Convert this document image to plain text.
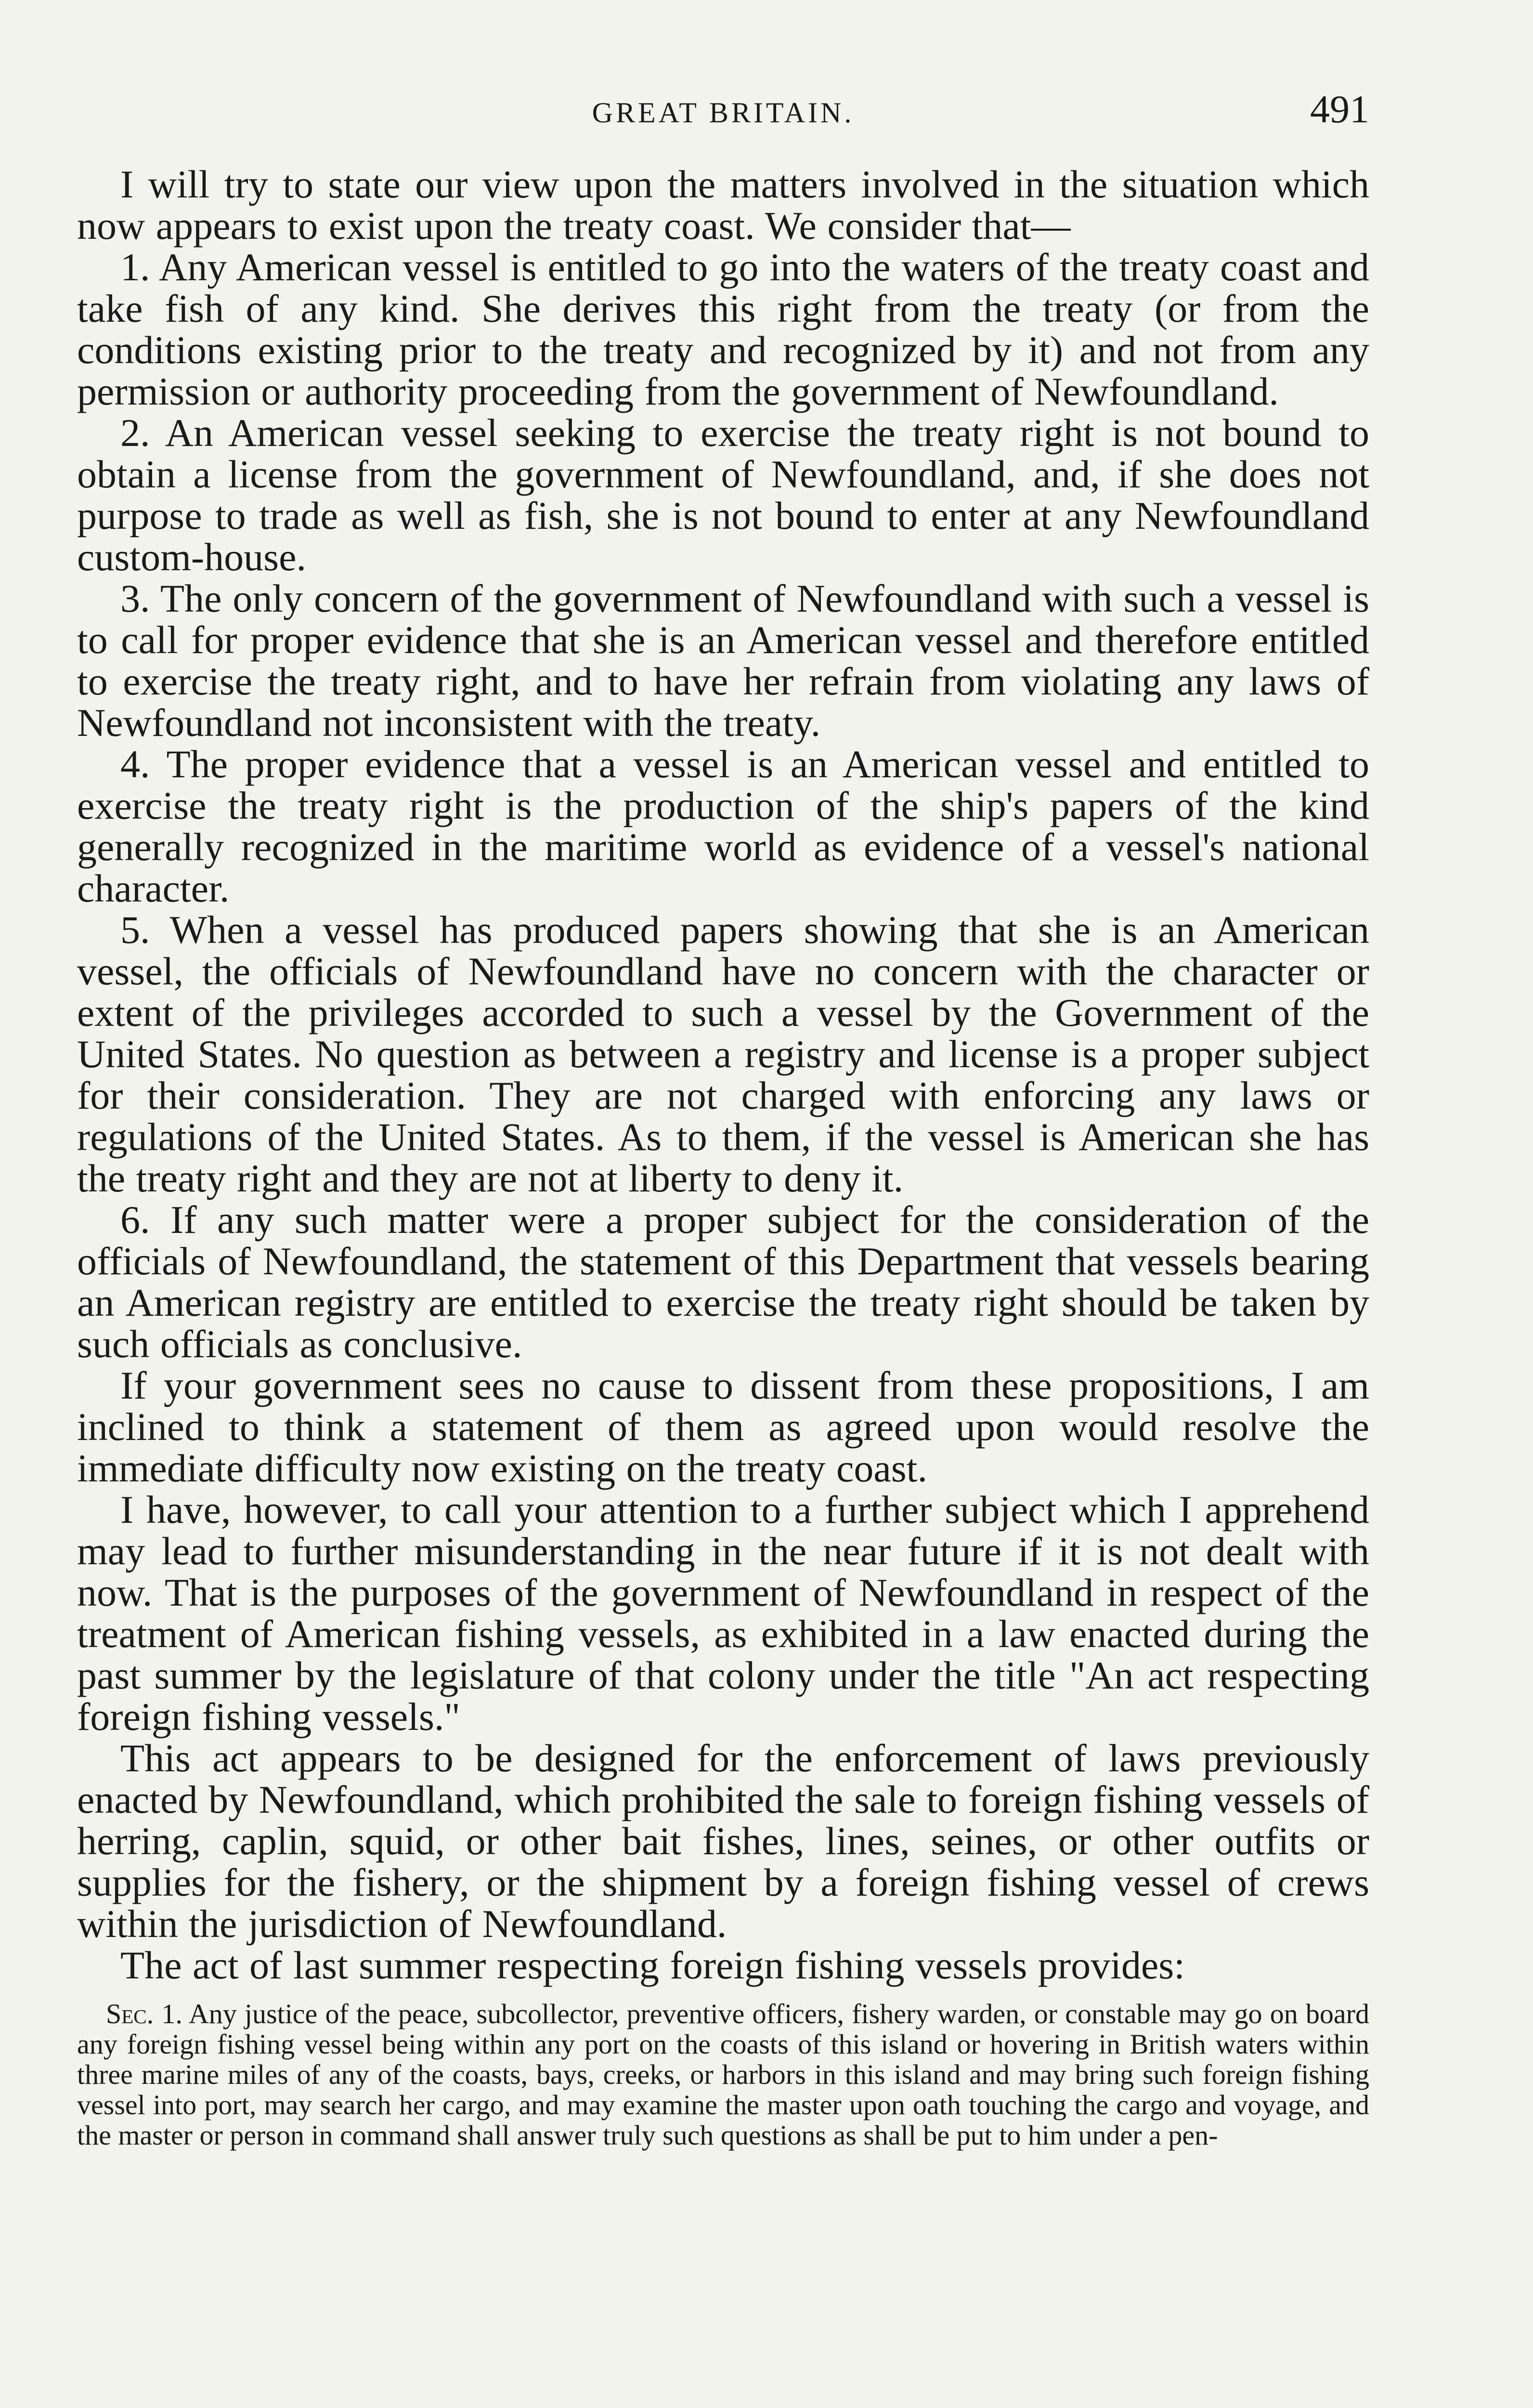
GREAT BRITAIN.	491

I will try to state our view upon the matters involved in the situation which now appears to exist upon the treaty coast. We consider that—

1. Any American vessel is entitled to go into the waters of the treaty coast and take fish of any kind. She derives this right from the treaty (or from the conditions existing prior to the treaty and recognized by it) and not from any permission or authority proceeding from the government of Newfoundland.

2. An American vessel seeking to exercise the treaty right is not bound to obtain a license from the government of Newfoundland, and, if she does not purpose to trade as well as fish, she is not bound to enter at any Newfoundland custom-house.

3. The only concern of the government of Newfoundland with such a vessel is to call for proper evidence that she is an American vessel and therefore entitled to exercise the treaty right, and to have her refrain from violating any laws of Newfoundland not inconsistent with the treaty.

4. The proper evidence that a vessel is an American vessel and entitled to exercise the treaty right is the production of the ship's papers of the kind generally recognized in the maritime world as evidence of a vessel's national character.

5. When a vessel has produced papers showing that she is an American vessel, the officials of Newfoundland have no concern with the character or extent of the privileges accorded to such a vessel by the Government of the United States. No question as between a registry and license is a proper subject for their consideration. They are not charged with enforcing any laws or regulations of the United States. As to them, if the vessel is American she has the treaty right and they are not at liberty to deny it.

6. If any such matter were a proper subject for the consideration of the officials of Newfoundland, the statement of this Department that vessels bearing an American registry are entitled to exercise the treaty right should be taken by such officials as conclusive.

If your government sees no cause to dissent from these propositions, I am inclined to think a statement of them as agreed upon would resolve the immediate difficulty now existing on the treaty coast.

I have, however, to call your attention to a further subject which I apprehend may lead to further misunderstanding in the near future if it is not dealt with now. That is the purposes of the government of Newfoundland in respect of the treatment of American fishing vessels, as exhibited in a law enacted during the past summer by the legislature of that colony under the title "An act respecting foreign fishing vessels."

This act appears to be designed for the enforcement of laws previously enacted by Newfoundland, which prohibited the sale to foreign fishing vessels of herring, caplin, squid, or other bait fishes, lines, seines, or other outfits or supplies for the fishery, or the shipment by a foreign fishing vessel of crews within the jurisdiction of Newfoundland.

The act of last summer respecting foreign fishing vessels provides:

Sec. 1. Any justice of the peace, subcollector, preventive officers, fishery warden, or constable may go on board any foreign fishing vessel being within any port on the coasts of this island or hovering in British waters within three marine miles of any of the coasts, bays, creeks, or harbors in this island and may bring such foreign fishing vessel into port, may search her cargo, and may examine the master upon oath touching the cargo and voyage, and the master or person in command shall answer truly such questions as shall be put to him under a pen-
